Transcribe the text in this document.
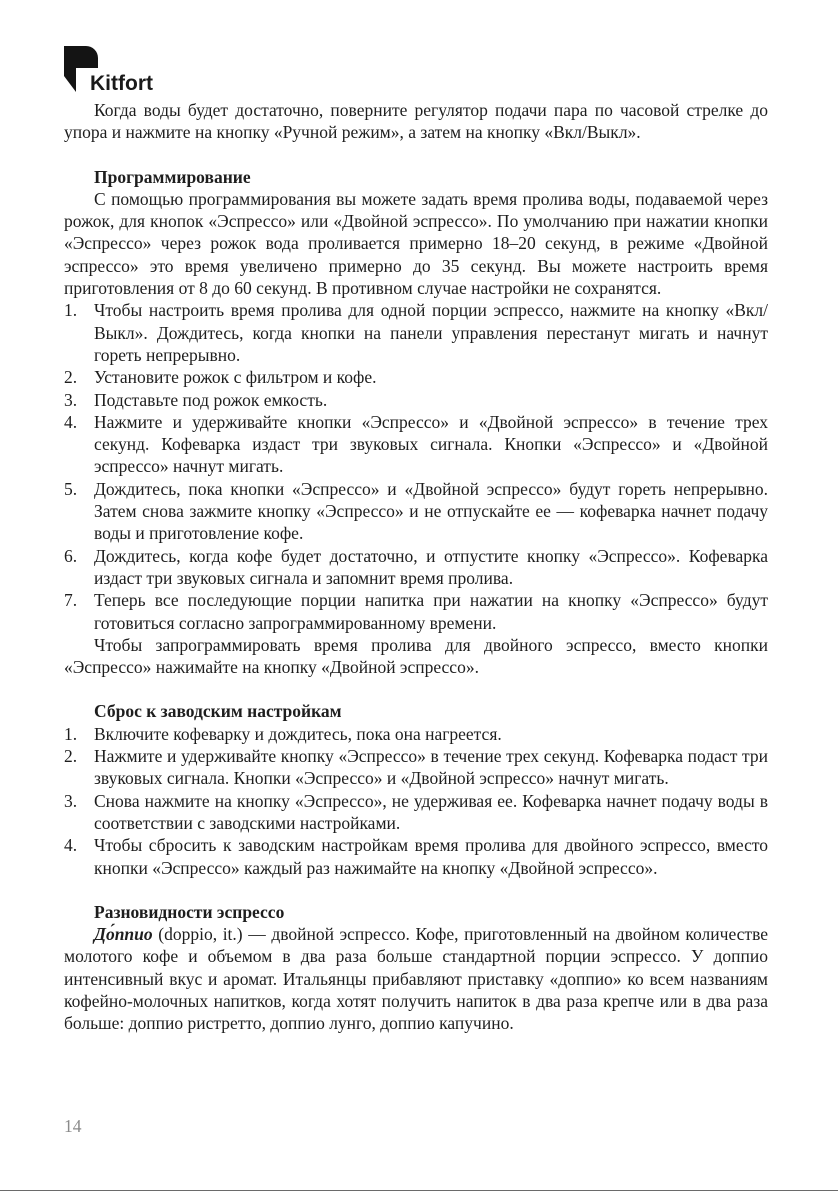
Kitfort

Когда воды будет достаточно, поверните регулятор подачи пара по часовой стрелке до упора и нажмите на кнопку «Ручной режим», а затем на кнопку «Вкл/Выкл».

Программирование

С помощью программирования вы можете задать время пролива воды, подаваемой через рожок, для кнопок «Эспрессо» или «Двойной эспрессо». По умолчанию при нажатии кнопки «Эспрессо» через рожок вода проливается примерно 18–20 секунд, в режиме «Двойной эспрессо» это время увеличено примерно до 35 секунд. Вы можете настроить время приготовления от 8 до 60 секунд. В противном случае настройки не сохранятся.

1. Чтобы настроить время пролива для одной порции эспрессо, нажмите на кнопку «Вкл/Выкл». Дождитесь, когда кнопки на панели управления перестанут мигать и начнут гореть непрерывно.
2. Установите рожок с фильтром и кофе.
3. Подставьте под рожок емкость.
4. Нажмите и удерживайте кнопки «Эспрессо» и «Двойной эспрессо» в течение трех секунд. Кофеварка издаст три звуковых сигнала. Кнопки «Эспрессо» и «Двойной эспрессо» начнут мигать.
5. Дождитесь, пока кнопки «Эспрессо» и «Двойной эспрессо» будут гореть непрерывно. Затем снова зажмите кнопку «Эспрессо» и не отпускайте ее — кофеварка начнет подачу воды и приготовление кофе.
6. Дождитесь, когда кофе будет достаточно, и отпустите кнопку «Эспрессо». Кофеварка издаст три звуковых сигнала и запомнит время пролива.
7. Теперь все последующие порции напитка при нажатии на кнопку «Эспрессо» будут готовиться согласно запрограммированному времени.

Чтобы запрограммировать время пролива для двойного эспрессо, вместо кнопки «Эспрессо» нажимайте на кнопку «Двойной эспрессо».

Сброс к заводским настройкам

1. Включите кофеварку и дождитесь, пока она нагреется.
2. Нажмите и удерживайте кнопку «Эспрессо» в течение трех секунд. Кофеварка подаст три звуковых сигнала. Кнопки «Эспрессо» и «Двойной эспрессо» начнут мигать.
3. Снова нажмите на кнопку «Эспрессо», не удерживая ее. Кофеварка начнет подачу воды в соответствии с заводскими настройками.
4. Чтобы сбросить к заводским настройкам время пролива для двойного эспрессо, вместо кнопки «Эспрессо» каждый раз нажимайте на кнопку «Двойной эспрессо».

Разновидности эспрессо

До́ппио (doppio, it.) — двойной эспрессо. Кофе, приготовленный на двойном количестве молотого кофе и объемом в два раза больше стандартной порции эспрессо. У доппио интенсивный вкус и аромат. Итальянцы прибавляют приставку «доппио» ко всем названиям кофейно-молочных напитков, когда хотят получить напиток в два раза крепче или в два раза больше: доппио ристретто, доппио лунго, доппио капучино.

14
